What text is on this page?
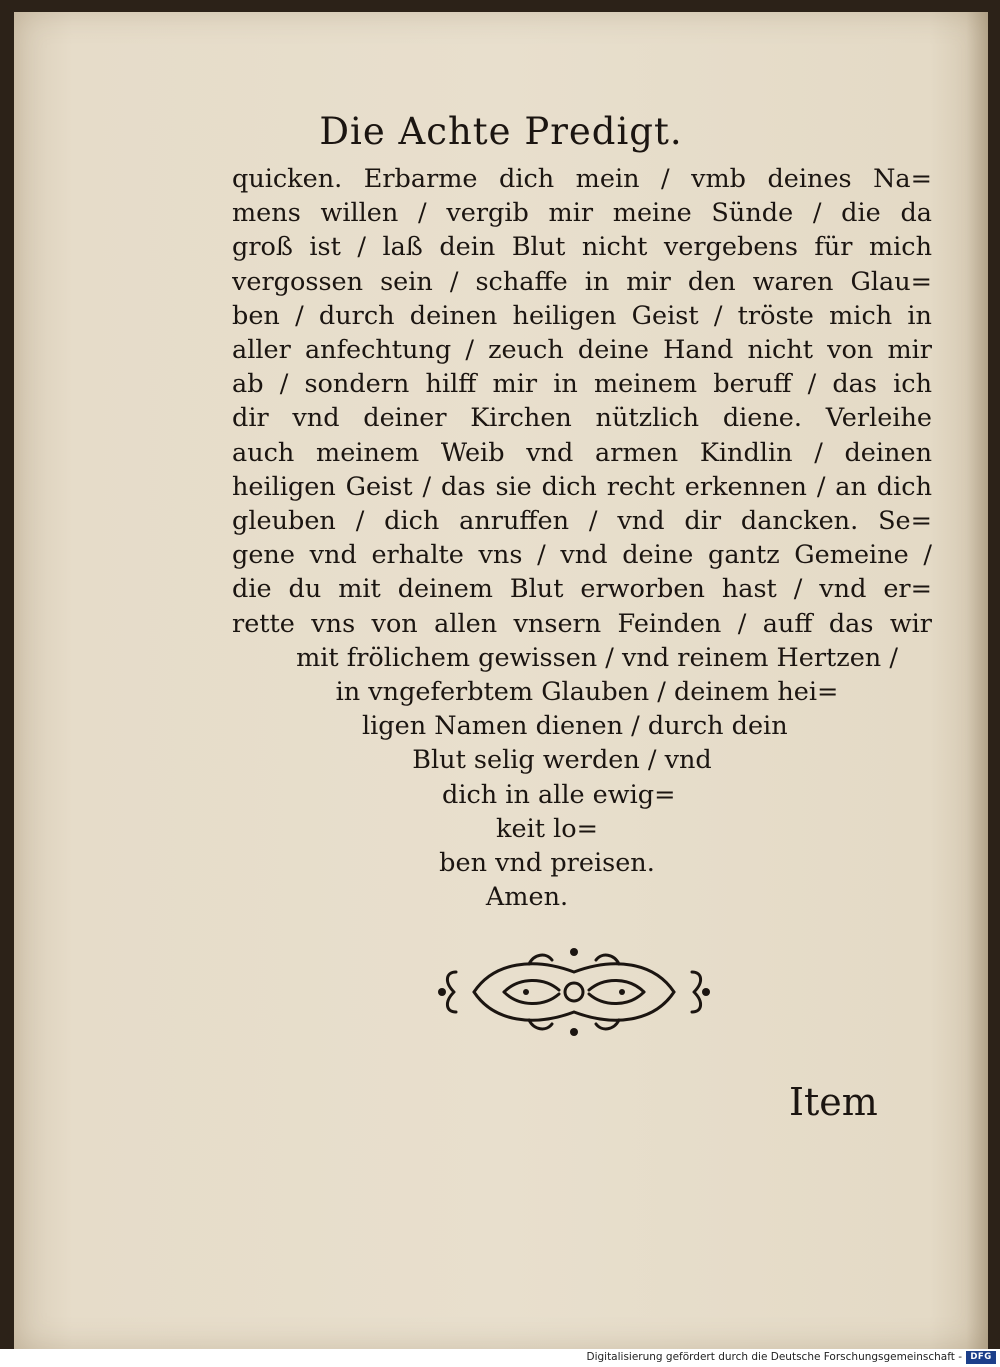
Die Achte Predigt.
quicken. Erbarme dich mein / vmb deines Na=
mens willen / vergib mir meine Sünde / die da
groß ist / laß dein Blut nicht vergebens für mich
vergossen sein / schaffe in mir den waren Glau=
ben / durch deinen heiligen Geist / tröste mich in
aller anfechtung / zeuch deine Hand nicht von mir
ab / sondern hilff mir in meinem beruff / das ich
dir vnd deiner Kirchen nützlich diene. Verleihe
auch meinem Weib vnd armen Kindlin / deinen
heiligen Geist / das sie dich recht erkennen / an dich
gleuben / dich anruffen / vnd dir dancken. Se=
gene vnd erhalte vns / vnd deine gantz Gemeine /
die du mit deinem Blut erworben hast / vnd er=
rette vns von allen vnsern Feinden / auff das wir
mit frölichem gewissen / vnd reinem Hertzen /
in vngeferbtem Glauben / deinem hei=
ligen Namen dienen / durch dein
Blut selig werden / vnd
dich in alle ewig=
keit lo=
ben vnd preisen.
Amen.
Item
Digitalisierung gefördert durch die Deutsche Forschungsgemeinschaft - DFG
